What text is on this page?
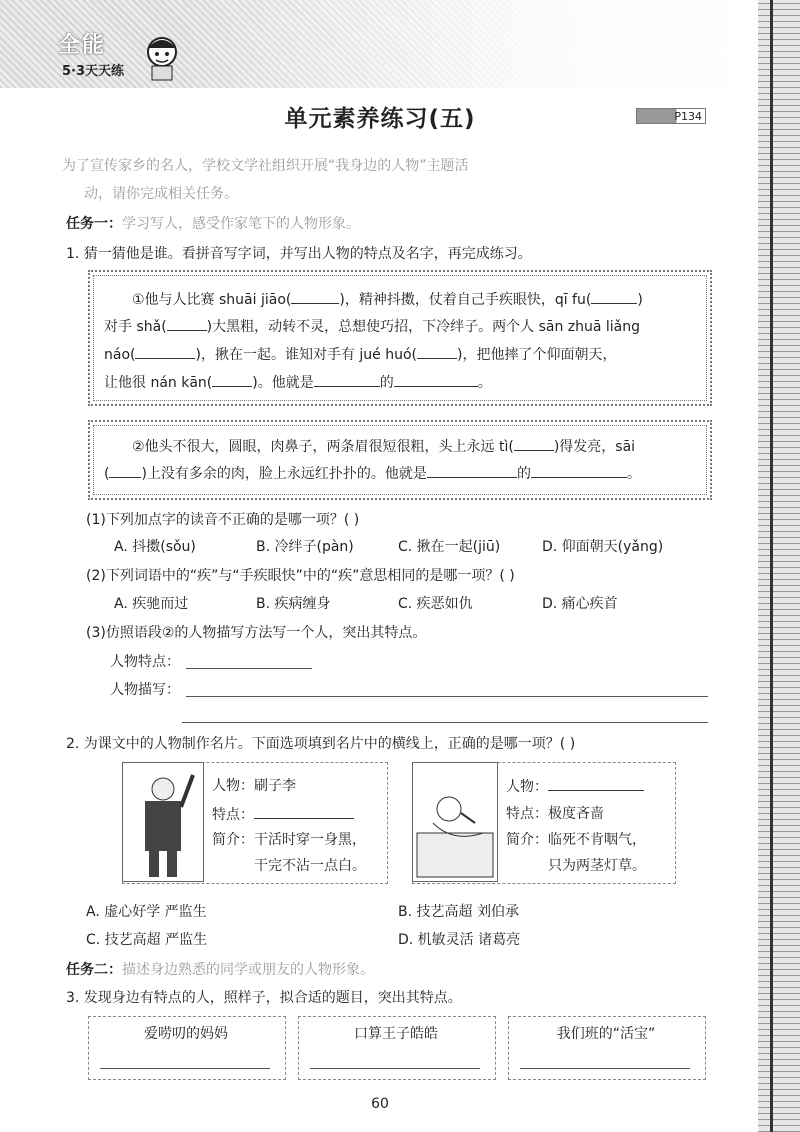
全能
5·3天天练
单元素养练习(五)	P134
为了宣传家乡的名人，学校文学社组织开展“我身边的人物”主题活
动，请你完成相关任务。
任务一：学习写人，感受作家笔下的人物形象。
1. 猜一猜他是谁。看拼音写字词，并写出人物的特点及名字，再完成练习。
①他与人比赛 shuāi jiāo(	)，精神抖擞，仗着自己手疾眼快，qī fu(	)
对手 shǎ(	)大黑粗，动转不灵，总想使巧招，下冷绊子。两个人 sān zhuā liǎng
náo(	)，揪在一起。谁知对手有 jué huó(	)，把他摔了个仰面朝天，
让他很 nán kān(	)。他就是	的	。
②他头不很大，圆眼，肉鼻子，两条眉很短很粗，头上永远 tì(	)得发亮，sāi
( )上没有多余的肉，脸上永远红扑扑的。他就是	的	。
(1)下列加点字的读音不正确的是哪一项？( )
A. 抖擞(sǒu)	B. 冷绊子(pàn)	C. 揪在一起(jiū)	D. 仰面朝天(yǎng)
(2)下列词语中的“疾”与“手疾眼快”中的“疾”意思相同的是哪一项？( )
A. 疾驰而过	B. 疾病缠身	C. 疾恶如仇	D. 痛心疾首
(3)仿照语段②的人物描写方法写一个人，突出其特点。
人物特点：
人物描写：
2. 为课文中的人物制作名片。下面选项填到名片中的横线上，正确的是哪一项？( )
人物：刷子李
特点：
简介：干活时穿一身黑，
干完不沾一点白。
人物：
特点：极度吝啬
简介：临死不肯咽气，
只为两茎灯草。
A. 虚心好学 严监生	B. 技艺高超 刘伯承
C. 技艺高超 严监生	D. 机敏灵活 诸葛亮
任务二：描述身边熟悉的同学或朋友的人物形象。
3. 发现身边有特点的人，照样子，拟合适的题目，突出其特点。
爱唠叨的妈妈	口算王子皓皓	我们班的“活宝”
60
